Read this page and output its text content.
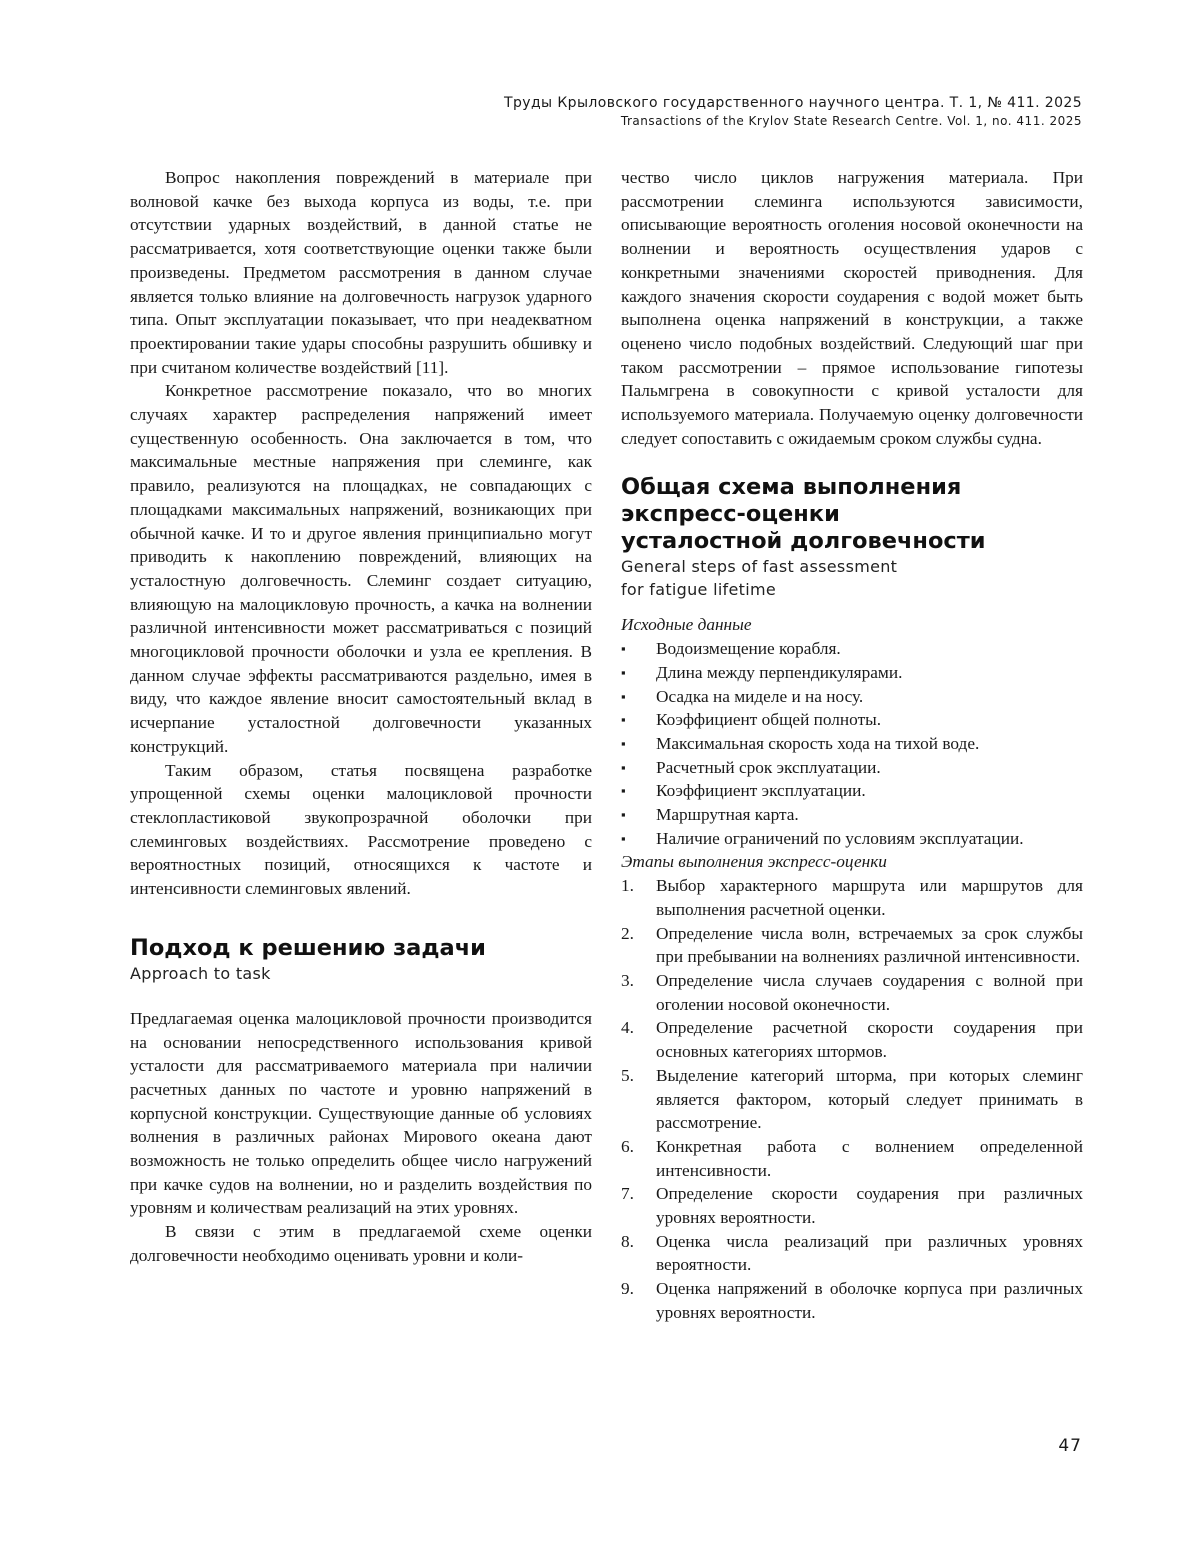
Труды Крыловского государственного научного центра. Т. 1, № 411. 2025
Transactions of the Krylov State Research Centre. Vol. 1, no. 411. 2025

Вопрос накопления повреждений в материале при волновой качке без выхода корпуса из воды, т.е. при отсутствии ударных воздействий, в данной статье не рассматривается, хотя соответствующие оценки также были произведены. Предметом рассмотрения в данном случае является только влияние на долговечность нагрузок ударного типа. Опыт эксплуатации показывает, что при неадекватном проектировании такие удары способны разрушить обшивку и при считаном количестве воздействий [11].

Конкретное рассмотрение показало, что во многих случаях характер распределения напряжений имеет существенную особенность. Она заключается в том, что максимальные местные напряжения при слеминге, как правило, реализуются на площадках, не совпадающих с площадками максимальных напряжений, возникающих при обычной качке. И то и другое явления принципиально могут приводить к накоплению повреждений, влияющих на усталостную долговечность. Слеминг создает ситуацию, влияющую на малоцикловую прочность, а качка на волнении различной интенсивности может рассматриваться с позиций многоцикловой прочности оболочки и узла ее крепления. В данном случае эффекты рассматриваются раздельно, имея в виду, что каждое явление вносит самостоятельный вклад в исчерпание усталостной долговечности указанных конструкций.

Таким образом, статья посвящена разработке упрощенной схемы оценки малоцикловой прочности стеклопластиковой звукопрозрачной оболочки при слеминговых воздействиях. Рассмотрение проведено с вероятностных позиций, относящихся к частоте и интенсивности слеминговых явлений.

Подход к решению задачи

Approach to task

Предлагаемая оценка малоцикловой прочности производится на основании непосредственного использования кривой усталости для рассматриваемого материала при наличии расчетных данных по частоте и уровню напряжений в корпусной конструкции. Существующие данные об условиях волнения в различных районах Мирового океана дают возможность не только определить общее число нагружений при качке судов на волнении, но и разделить воздействия по уровням и количествам реализаций на этих уровнях.

В связи с этим в предлагаемой схеме оценки долговечности необходимо оценивать уровни и коли-

чество число циклов нагружения материала. При рассмотрении слеминга используются зависимости, описывающие вероятность оголения носовой оконечности на волнении и вероятность осуществления ударов с конкретными значениями скоростей приводнения. Для каждого значения скорости соударения с водой может быть выполнена оценка напряжений в конструкции, а также оценено число подобных воздействий. Следующий шаг при таком рассмотрении – прямое использование гипотезы Пальмгрена в совокупности с кривой усталости для используемого материала. Получаемую оценку долговечности следует сопоставить с ожидаемым сроком службы судна.

Общая схема выполнения
экспресс-оценки
усталостной долговечности

General steps of fast assessment
for fatigue lifetime

Исходные данные

▪ Водоизмещение корабля.
▪ Длина между перпендикулярами.
▪ Осадка на миделе и на носу.
▪ Коэффициент общей полноты.
▪ Максимальная скорость хода на тихой воде.
▪ Расчетный срок эксплуатации.
▪ Коэффициент эксплуатации.
▪ Маршрутная карта.
▪ Наличие ограничений по условиям эксплуатации.

Этапы выполнения экспресс-оценки

1. Выбор характерного маршрута или маршрутов для выполнения расчетной оценки.
2. Определение числа волн, встречаемых за срок службы при пребывании на волнениях различной интенсивности.
3. Определение числа случаев соударения с волной при оголении носовой оконечности.
4. Определение расчетной скорости соударения при основных категориях штормов.
5. Выделение категорий шторма, при которых слеминг является фактором, который следует принимать в рассмотрение.
6. Конкретная работа с волнением определенной интенсивности.
7. Определение скорости соударения при различных уровнях вероятности.
8. Оценка числа реализаций при различных уровнях вероятности.
9. Оценка напряжений в оболочке корпуса при различных уровнях вероятности.
47
